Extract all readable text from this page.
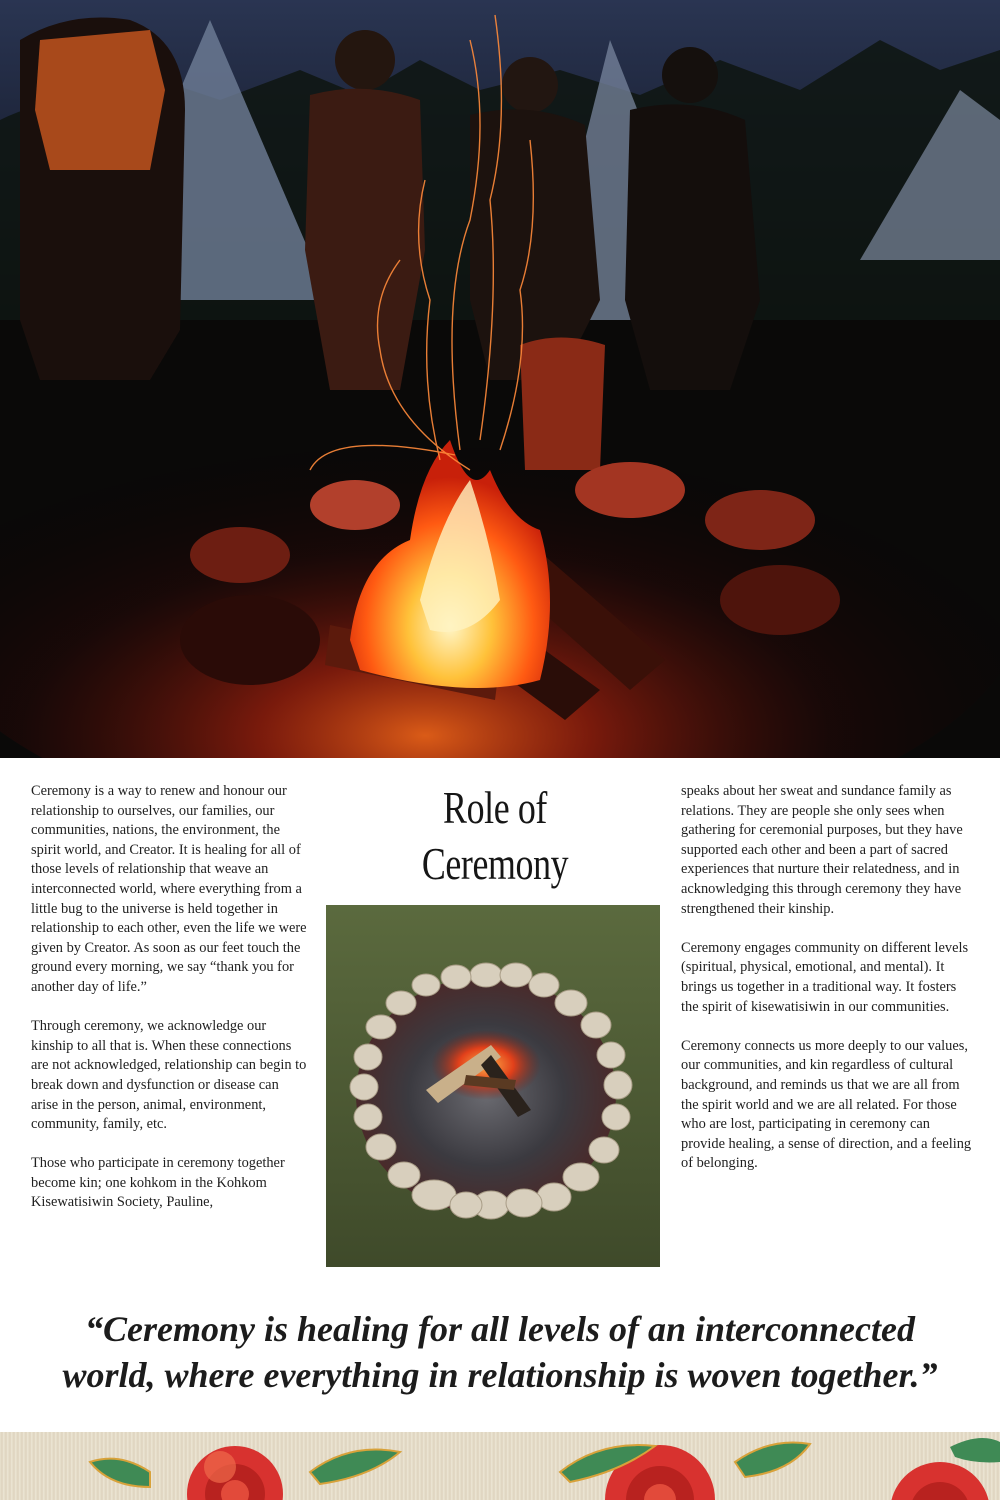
Ceremony is a way to renew and honour our relationship to ourselves, our families, our communities, nations, the environment, the spirit world, and Creator. It is healing for all of those levels of relationship that weave an interconnected world, where everything from a little bug to the universe is held together in relationship to each other, even the life we were given by Creator. As soon as our feet touch the ground every morning, we say “thank you for another day of life.”

Through ceremony, we acknowledge our kinship to all that is. When these connections are not acknowledged, relationship can begin to break down and dysfunction or disease can arise in the person, animal, environment, community, family, etc.

Those who participate in ceremony together become kin; one kohkom in the Kohkom Kisewatisiwin Society, Pauline,

Role of
Ceremony

speaks about her sweat and sundance family as relations. They are people she only sees when gathering for ceremonial purposes, but they have supported each other and been a part of sacred experiences that nurture their relatedness, and in acknowledging this through ceremony they have strengthened their kinship.

Ceremony engages community on different levels (spiritual, physical, emotional, and mental). It brings us together in a traditional way. It fosters the spirit of kisewatisiwin in our communities.

Ceremony connects us more deeply to our values, our communities, and kin regardless of cultural background, and reminds us that we are all from the spirit world and we are all related. For those who are lost, participating in ceremony can provide healing, a sense of direction, and a feeling of belonging.

“Ceremony is healing for all levels of an interconnected
world, where everything in relationship is woven together.”
